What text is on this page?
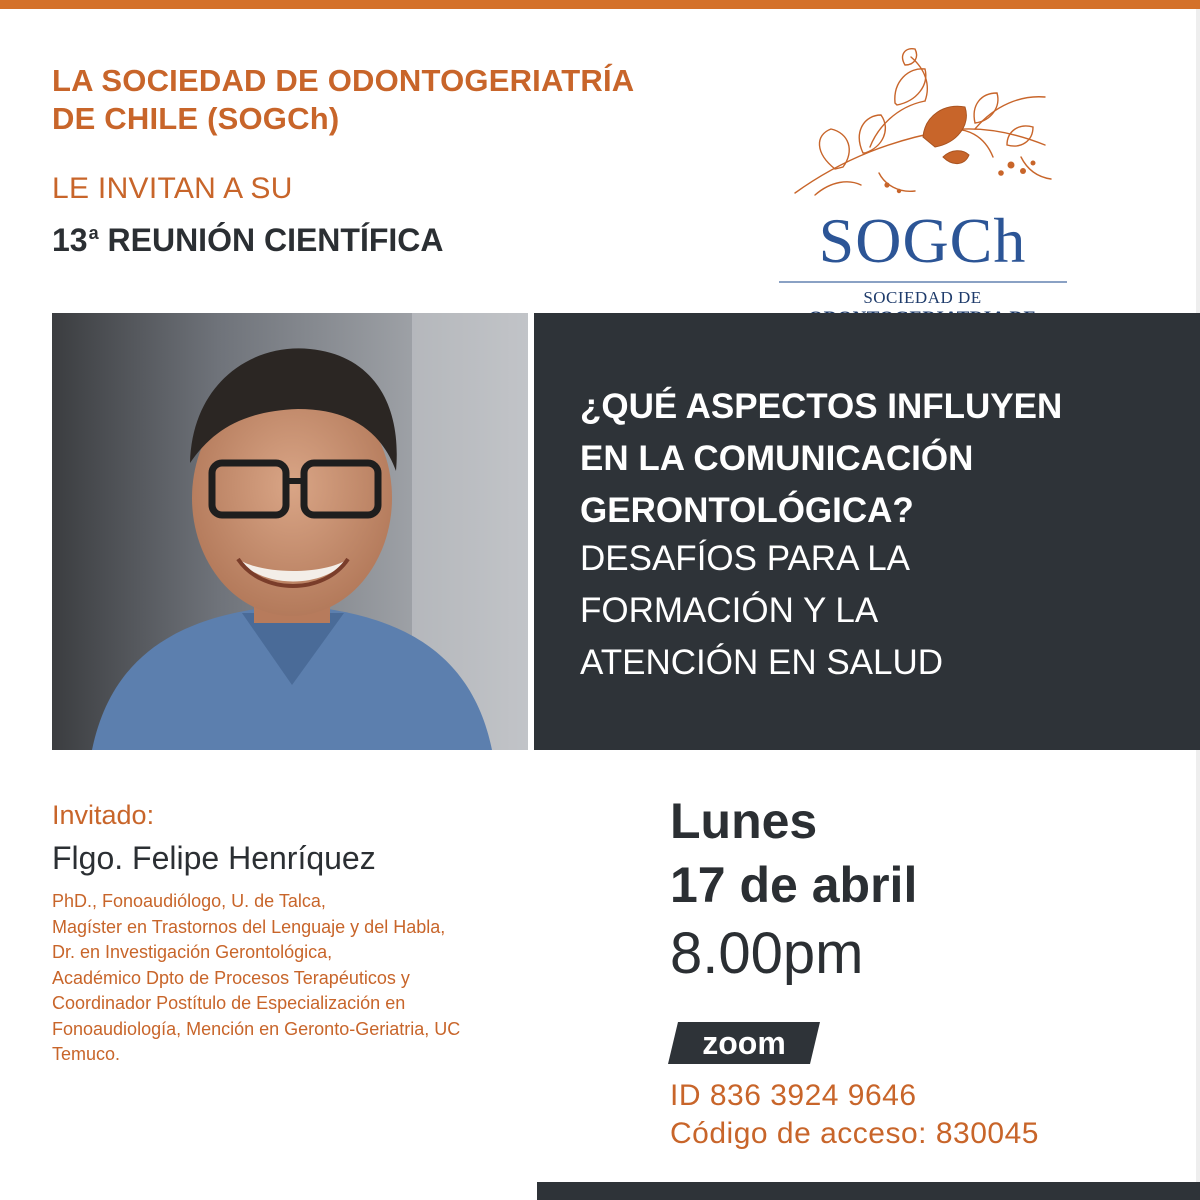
LA SOCIEDAD DE ODONTOGERIATRÍA
DE CHILE (SOGCh)
LE INVITAN A SU
13$^a$ REUNIÓN CIENTÍFICA	SOGCh
SOCIEDAD DE
¿QUÉ ASPECTOS INFLUYEN
EN LA COMUNICACIÓN
GERONTOLÓGICA?
DESAFÍOS PARA LA
FORMACIÓN Y LA
ATENCIÓN EN SALUD
Invitado:
Flgo. Felipe Henríquez
PhD., Fonoaudiólogo, U. de Talca,
Magíster en Trastornos del Lenguaje y del Habla,
Dr. en Investigación Gerontológica,
Académico Dpto de Procesos Terapéuticos y
Coordinador Postítulo de Especialización en
Fonoaudiología, Mención en Geronto-Geriatria, UC
Temuco.
Lunes
17 de abril
8.00pm
zoom
ID 836 3924 9646
Código de acceso: 830045
